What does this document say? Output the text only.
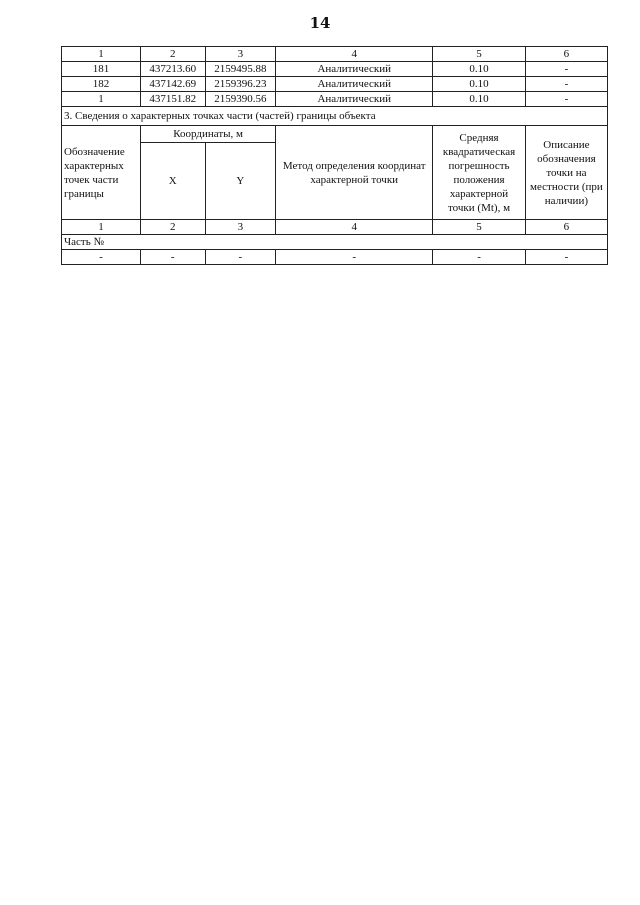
14
1	2	3	4	5	6
181	437213.60	2159495.88	Аналитический	0.10	-
182	437142.69	2159396.23	Аналитический	0.10	-
1	437151.82	2159390.56	Аналитический	0.10	-
3. Сведения о характерных точках части (частей) границы объекта					
Обозначение характерных точек части границы	Координаты, м		Метод определения координат характерной точки	Средняя квадратическая погрешность положения характерной точки (Mt), м	Описание обозначения точки на местности (при наличии)
	X	Y			
1	2	3	4	5	6
Часть №					
-	-	-	-	-	-
